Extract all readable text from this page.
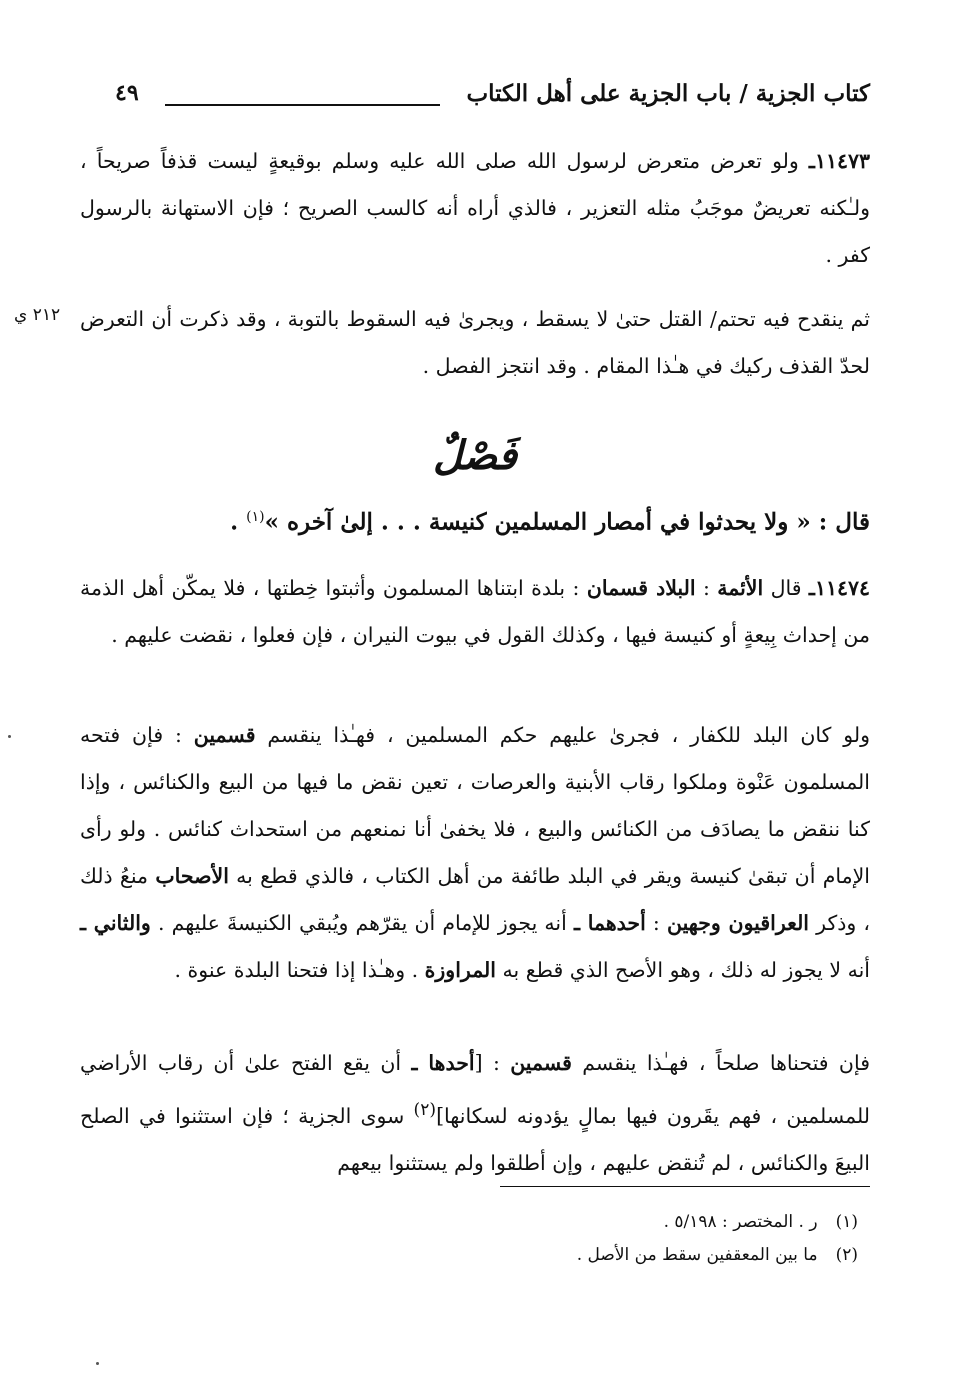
كتاب الجزية / باب الجزية على أهل الكتاب
٤٩
١١٤٧٣ـ ولو تعرض متعرض لرسول الله صلى الله عليه وسلم بوقيعةٍ ليست قذفاً صريحاً ، ولـٰكنه تعريضٌ موجَبُ مثله التعزير ، فالذي أراه أنه كالسب الصريح ؛ فإن الاستهانة بالرسول كفر .
٢١٢ ي ثم ينقدح فيه تحتم/ القتل حتىٰ لا يسقط ، ويجرىٰ فيه السقوط بالتوبة ، وقد ذكرت أن التعرض لحدّ القذف ركيك في هـٰذا المقام . وقد انتجز الفصل .
فَصْلٌ
قال : « ولا يحدثوا في أمصار المسلمين كنيسة . . . إلىٰ آخره »$^{(١)}$ .
١١٤٧٤ـ قال الأئمة : البلاد قسمان : بلدة ابتناها المسلمون وأثبتوا خِطتها ، فلا يمكّن أهل الذمة من إحداث بِيعةٍ أو كنيسة فيها ، وكذلك القول في بيوت النيران ، فإن فعلوا ، نقضت عليهم .
ولو كان البلد للكفار ، فجرىٰ عليهم حكم المسلمين ، فهـٰذا ينقسم قسمين : فإن فتحه المسلمون عَنْوة وملكوا رقاب الأبنية والعرصات ، تعين نقض ما فيها من البيع والكنائس ، وإذا كنا ننقض ما يصادَف من الكنائس والبيع ، فلا يخفىٰ أنا نمنعهم من استحداث كنائس . ولو رأى الإمام أن تبقىٰ كنيسة ويقر في البلد طائفة من أهل الكتاب ، فالذي قطع به الأصحاب منعُ ذلك ، وذكر العراقيون وجهين : أحدهما ـ أنه يجوز للإمام أن يقرّهم ويُبقي الكنيسةَ عليهم . والثاني ـ أنه لا يجوز له ذلك ، وهو الأصح الذي قطع به المراوزة . وهـٰذا إذا فتحنا البلدة عنوة .
فإن فتحناها صلحاً ، فهـٰذا ينقسم قسمين : [أحدها ـ أن يقع الفتح علىٰ أن رقاب الأراضي للمسلمين ، فهم يقَرون فيها بمالٍ يؤدونه لسكانها]$^{(٢)}$ سوى الجزية ؛ فإن استثنوا في الصلح البيعَ والكنائس ، لم تُنقض عليهم ، وإن أطلقوا ولم يستثنوا بيعهم
(١)ر . المختصر : ٥/١٩٨ .
(٢)ما بين المعقفين سقط من الأصل .
